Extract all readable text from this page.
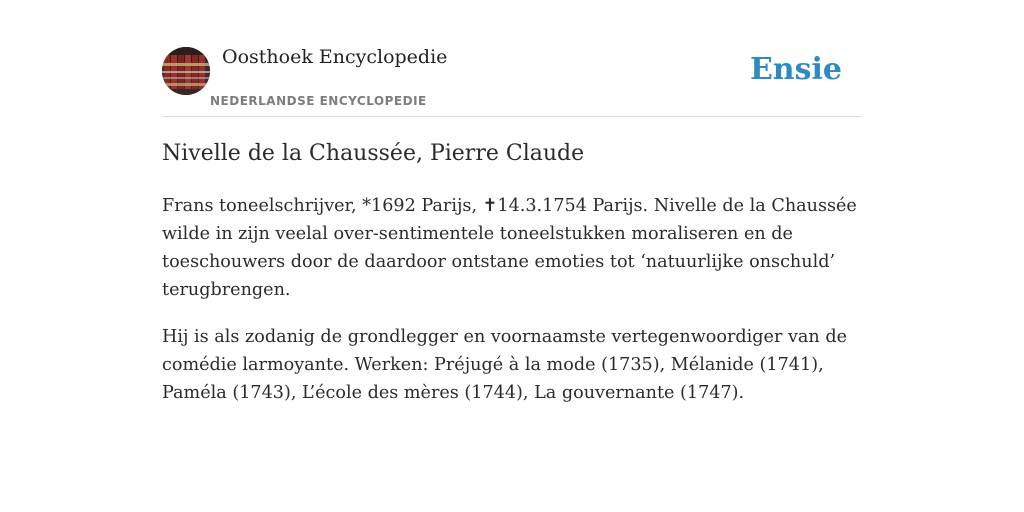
Oosthoek Encyclopedie
NEDERLANDSE ENCYCLOPEDIE
Ensie
Nivelle de la Chaussée, Pierre Claude

Frans toneelschrijver, *1692 Parijs, ✝14.3.1754 Parijs. Nivelle de la Chaussée wilde in zijn veelal over-sentimentele toneelstukken moraliseren en de toeschouwers door de daardoor ontstane emoties tot ‘natuurlijke onschuld’ terugbrengen.

Hij is als zodanig de grondlegger en voornaamste vertegenwoordiger van de comédie larmoyante. Werken: Préjugé à la mode (1735), Mélanide (1741), Paméla (1743), L’école des mères (1744), La gouvernante (1747).
